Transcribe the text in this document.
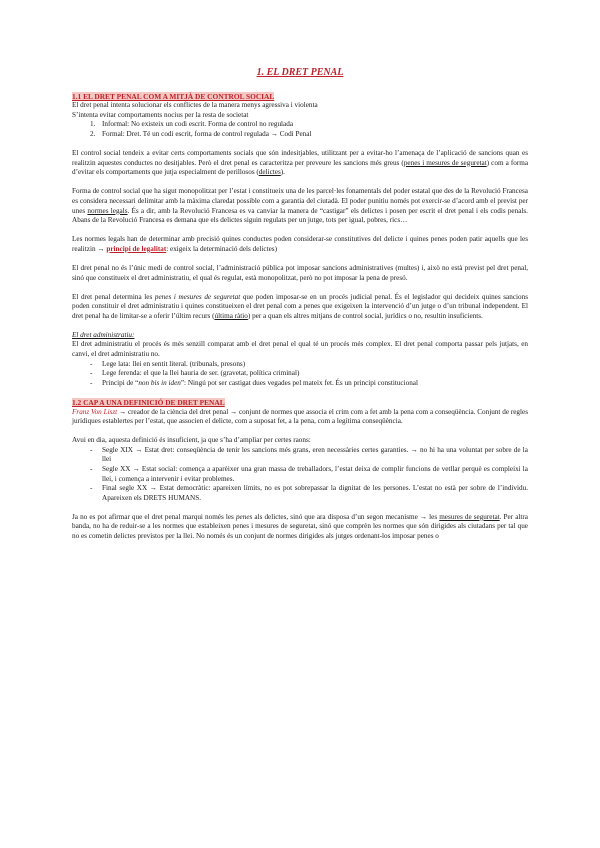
1. EL DRET PENAL
1.1 EL DRET PENAL COM A MITJÀ DE CONTROL SOCIAL

El dret penal intenta solucionar els conflictes de la manera menys agressiva i violenta

S’intenta evitar comportaments nocius per la resta de societat

1. Informal: No existeix un codi escrit. Forma de control no regulada
2. Formal: Dret. Té un codi escrit, forma de control regulada → Codi Penal

El control social tendeix a evitar certs comportaments socials que són indesitjables, utilitzant per a evitar-ho l’amenaça de l’aplicació de sancions quan es realitzin aquestes conductes no desitjables. Però el dret penal es caracteritza per preveure les sancions més greus (penes i mesures de seguretat) com a forma d’evitar els comportaments que jutja especialment de perillosos (delictes).

Forma de control social que ha sigut monopolitzat per l’estat i constitueix una de les parcel·les fonamentals del poder estatal que des de la Revolució Francesa es considera necessari delimitar amb la màxima claredat possible com a garantia del ciutadà. El poder punitiu només pot exercir-se d’acord amb el previst per unes normes legals. És a dir, amb la Revolució Francesa es va canviar la manera de “castigar” els delictes i posen per escrit el dret penal i els codis penals. Abans de la Revolució Francesa es demana que els delictes siguin regulats per un jutge, tots per igual, pobres, rics…

Les normes legals han de determinar amb precisió quines conductes poden considerar-se constitutives del delicte i quines penes poden patir aquells que les realitzin → principi de legalitat: exigeix la determinació dels delictes)

El dret penal no és l’únic medi de control social, l’administració pública pot imposar sancions administratives (multes) i, això no està previst pel dret penal, sinó que constitueix el dret administratiu, el qual és regulat, està monopolitzat, però no pot imposar la pena de presó.

El dret penal determina les penes i mesures de seguretat que poden imposar-se en un procés judicial penal. És el legislador qui decideix quines sancions poden constituir el dret administratiu i quines constitueixen el dret penal com a penes que exigeixen la intervenció d’un jutge o d’un tribunal independent. El dret penal ha de limitar-se a oferir l’últim recurs (última ràtio) per a quan els altres mitjans de control social, jurídics o no, resultin insuficients.

El dret administratiu:

El dret administratiu el procés és més senzill comparat amb el dret penal el qual té un procés més complex. El dret penal comporta passar pels jutjats, en canvi, el dret administratiu no.

- Lege lata: llei en sentit literal. (tribunals, presons)
- Lege ferenda: el que la llei hauria de ser. (gravetat, política criminal)
- Principi de “non bis in iden”: Ningú pot ser castigat dues vegades pel mateix fet. És un principi constitucional
1.2 CAP A UNA DEFINICIÓ DE DRET PENAL

Franz Von Liszt → creador de la ciència del dret penal → conjunt de normes que associa el crim com a fet amb la pena com a conseqüència. Conjunt de regles jurídiques establertes per l’estat, que associen el delicte, com a suposat fet, a la pena, com a legítima conseqüència.

Avui en dia, aquesta definició és insuficient, ja que s’ha d’ampliar per certes raons:

- Segle XIX → Estat dret: conseqüència de tenir les sancions més grans, eren necessàries certes garanties. → no hi ha una voluntat per sobre de la llei
- Segle XX → Estat social: comença a aparèixer una gran massa de treballadors, l’estat deixa de complir funcions de vetllar perquè es compleixi la llei, i comença a intervenir i evitar problemes.
- Final segle XX → Estat democràtic: apareixen límits, no es pot sobrepassar la dignitat de les persones. L’estat no està per sobre de l’individu. Apareixen els DRETS HUMANS.

Ja no es pot afirmar que el dret penal marqui només les penes als delictes, sinó que ara disposa d’un segon mecanisme → les mesures de seguretat. Per altra banda, no ha de reduir-se a les normes que estableixen penes i mesures de seguretat, sinó que comprèn les normes que són dirigides als ciutadans per tal que no es cometin delictes previstos per la llei. No només és un conjunt de normes dirigides als jutges ordenant-los imposar penes o
